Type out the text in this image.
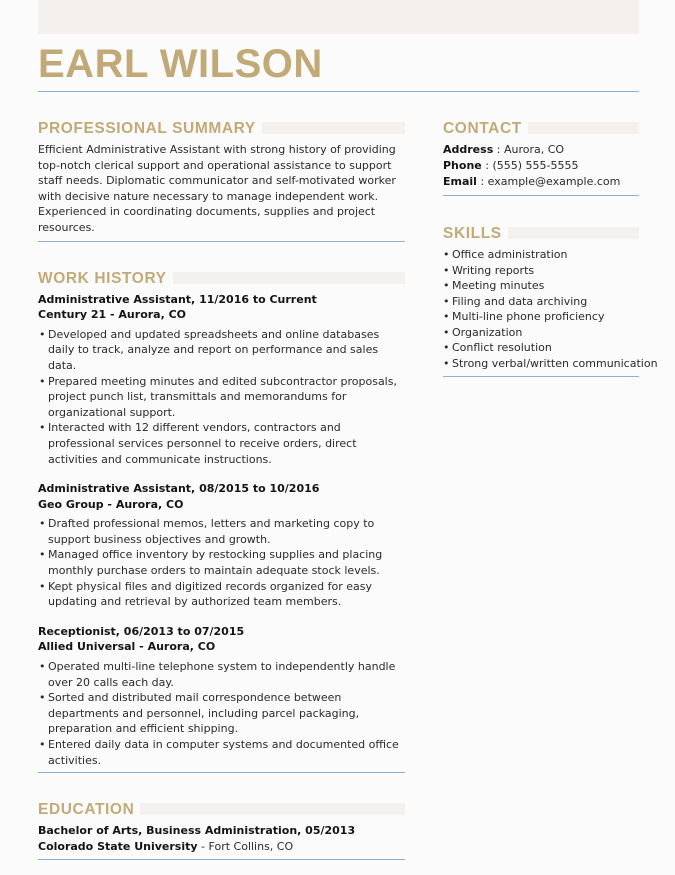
EARL WILSON
PROFESSIONAL SUMMARY
Efficient Administrative Assistant with strong history of providing top-notch clerical support and operational assistance to support staff needs. Diplomatic communicator and self-motivated worker with decisive nature necessary to manage independent work. Experienced in coordinating documents, supplies and project resources.
WORK HISTORY
Administrative Assistant, 11/2016 to Current
Century 21 - Aurora, CO
• Developed and updated spreadsheets and online databases daily to track, analyze and report on performance and sales data.
• Prepared meeting minutes and edited subcontractor proposals, project punch list, transmittals and memorandums for organizational support.
• Interacted with 12 different vendors, contractors and professional services personnel to receive orders, direct activities and communicate instructions.
Administrative Assistant, 08/2015 to 10/2016
Geo Group - Aurora, CO
• Drafted professional memos, letters and marketing copy to support business objectives and growth.
• Managed office inventory by restocking supplies and placing monthly purchase orders to maintain adequate stock levels.
• Kept physical files and digitized records organized for easy updating and retrieval by authorized team members.
Receptionist, 06/2013 to 07/2015
Allied Universal - Aurora, CO
• Operated multi-line telephone system to independently handle over 20 calls each day.
• Sorted and distributed mail correspondence between departments and personnel, including parcel packaging, preparation and efficient shipping.
• Entered daily data in computer systems and documented office activities.
EDUCATION
Bachelor of Arts, Business Administration, 05/2013
Colorado State University - Fort Collins, CO
CONTACT
Address : Aurora, CO
Phone : (555) 555-5555
Email : example@example.com
SKILLS
• Office administration
• Writing reports
• Meeting minutes
• Filing and data archiving
• Multi-line phone proficiency
• Organization
• Conflict resolution
• Strong verbal/written communication
